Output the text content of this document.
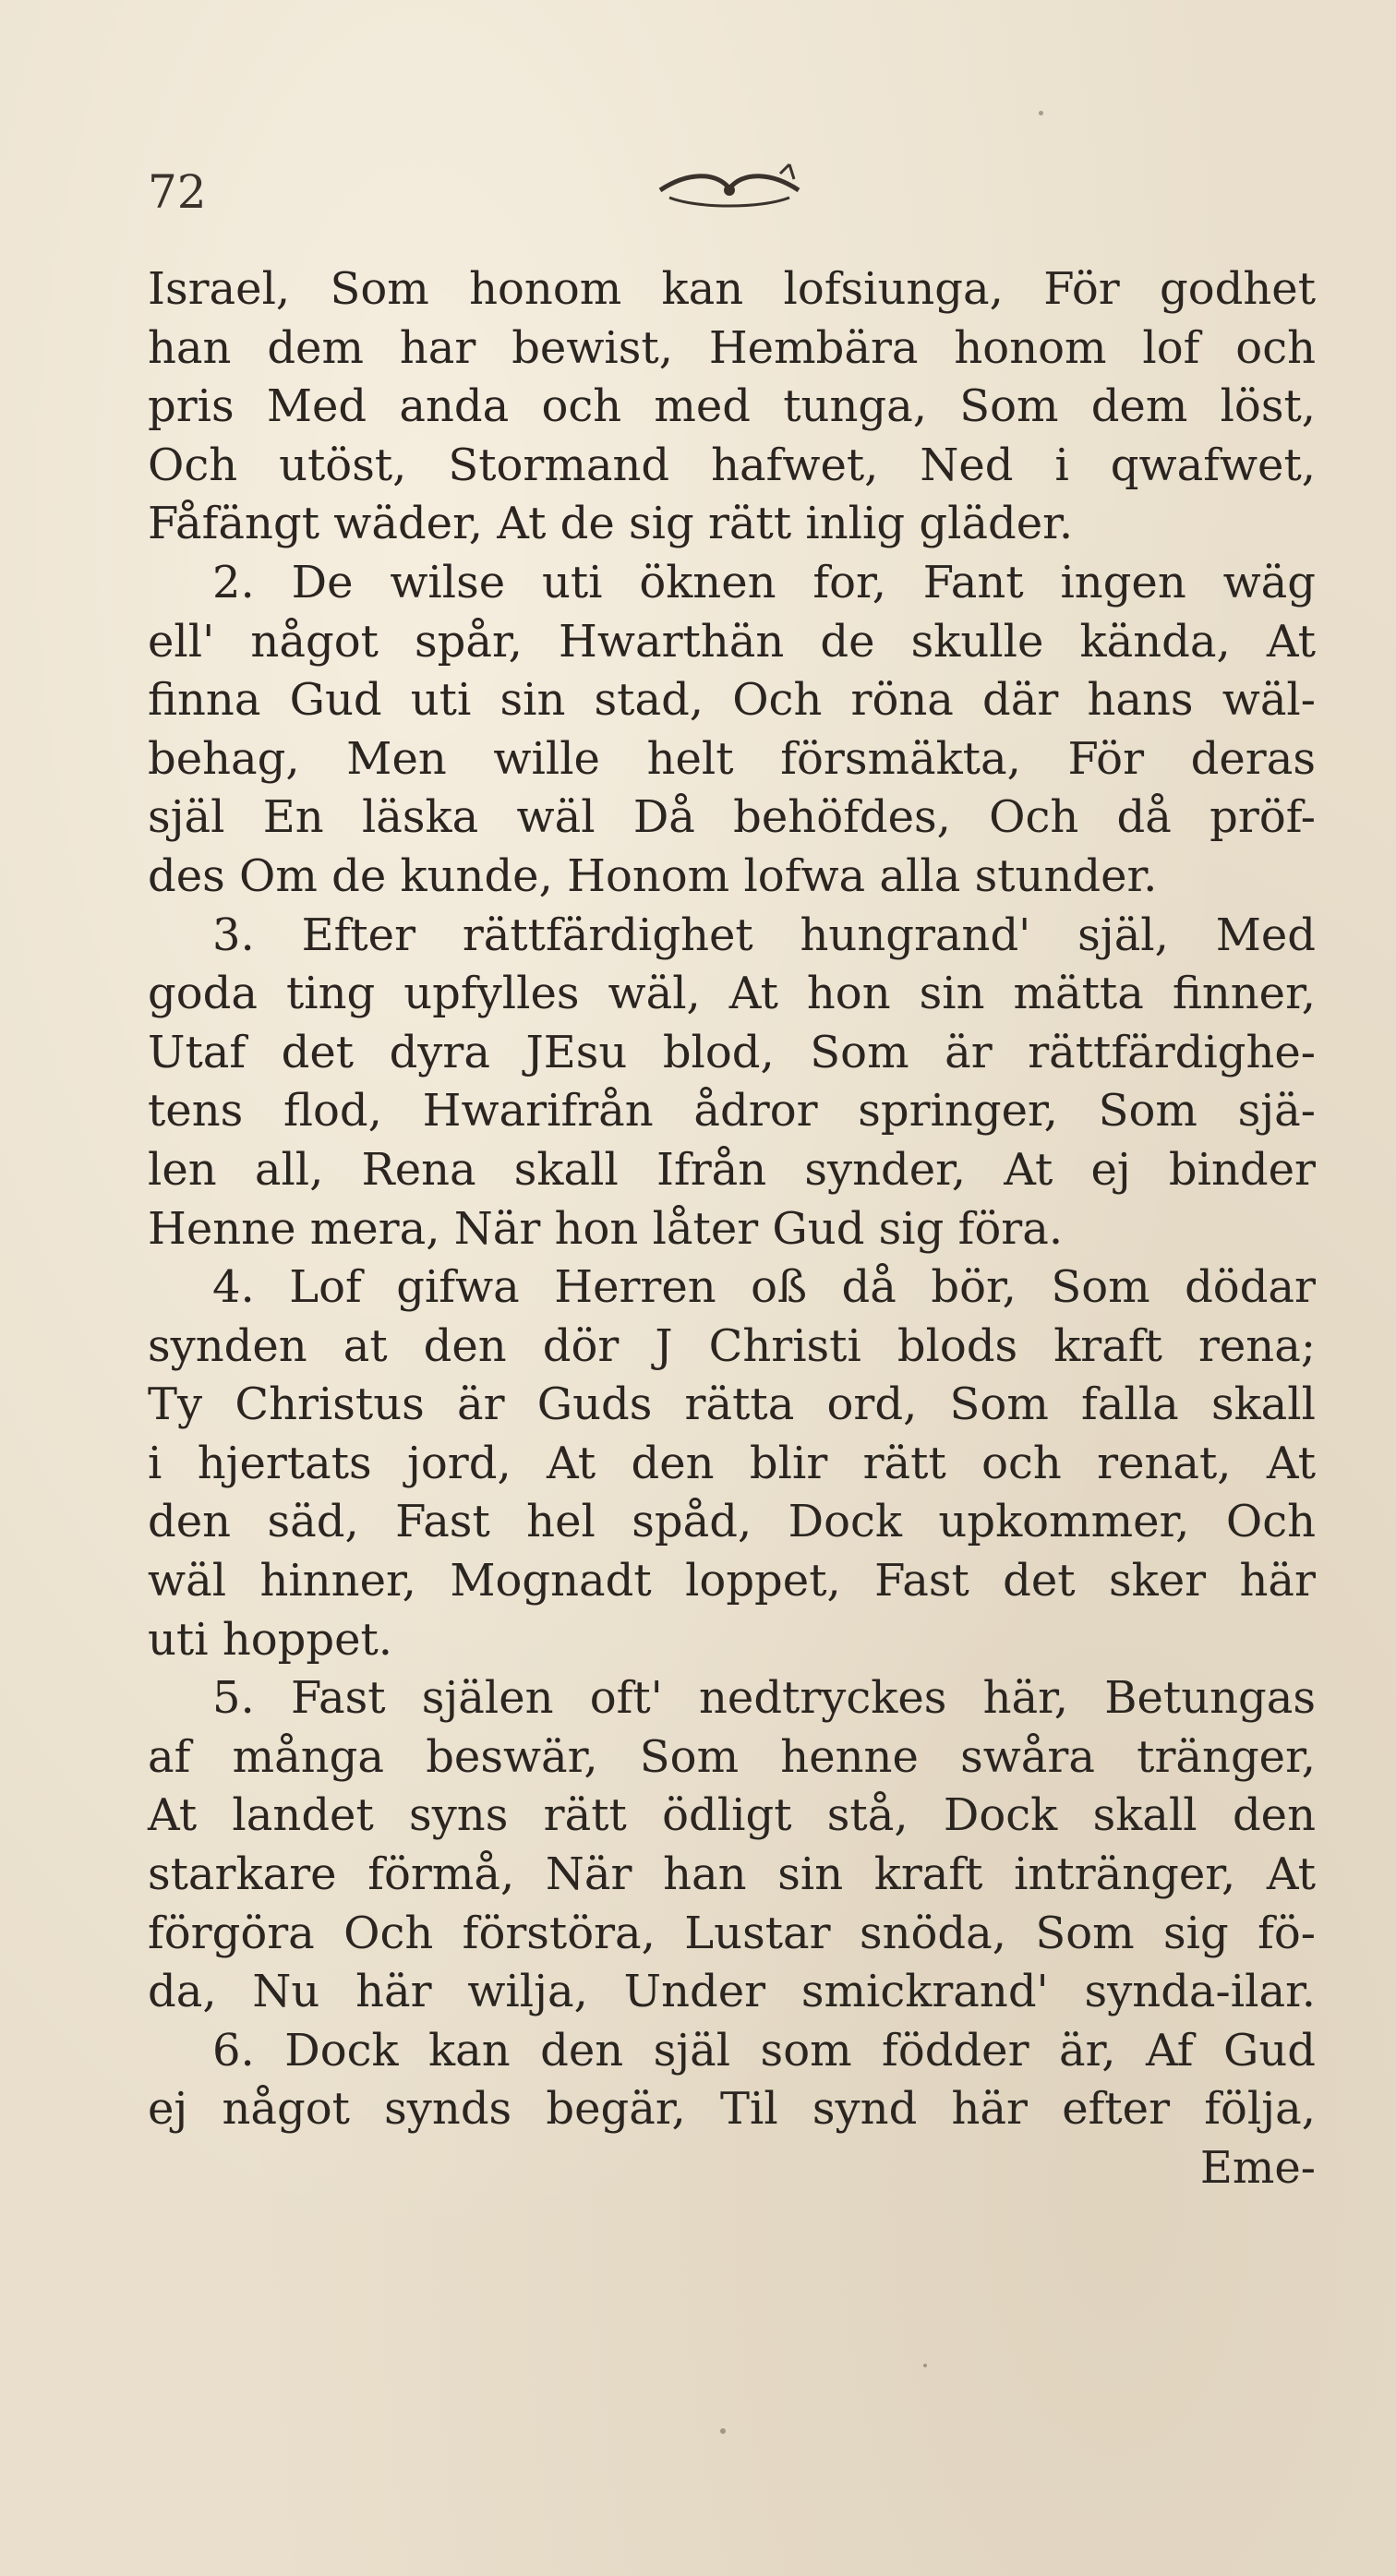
72
Israel, Som honom kan lofsiunga, För godhet
han dem har bewist, Hembära honom lof och
pris Med anda och med tunga, Som dem löst,
Och utöst, Stormand hafwet, Ned i qwafwet,
Fåfängt wäder, At de sig rätt inlig gläder.
2. De wilse uti öknen for, Fant ingen wäg
ell' något spår, Hwarthän de skulle kända, At
finna Gud uti sin stad, Och röna där hans wäl-
behag, Men wille helt försmäkta, För deras
själ En läska wäl Då behöfdes, Och då pröf-
des Om de kunde, Honom lofwa alla stunder.
3. Efter rättfärdighet hungrand' själ, Med
goda ting upfylles wäl, At hon sin mätta finner,
Utaf det dyra JEsu blod, Som är rättfärdighe-
tens flod, Hwarifrån ådror springer, Som sjä-
len all, Rena skall Ifrån synder, At ej binder
Henne mera, När hon låter Gud sig föra.
4. Lof gifwa Herren oß då bör, Som dödar
synden at den dör J Christi blods kraft rena;
Ty Christus är Guds rätta ord, Som falla skall
i hjertats jord, At den blir rätt och renat, At
den säd, Fast hel spåd, Dock upkommer, Och
wäl hinner, Mognadt loppet, Fast det sker här
uti hoppet.
5. Fast själen oft' nedtryckes här, Betungas
af många beswär, Som henne swåra tränger,
At landet syns rätt ödligt stå, Dock skall den
starkare förmå, När han sin kraft intränger, At
förgöra Och förstöra, Lustar snöda, Som sig fö-
da, Nu här wilja, Under smickrand' synda-ilar.
6. Dock kan den själ som födder är, Af Gud
ej något synds begär, Til synd här efter följa,
Eme-
